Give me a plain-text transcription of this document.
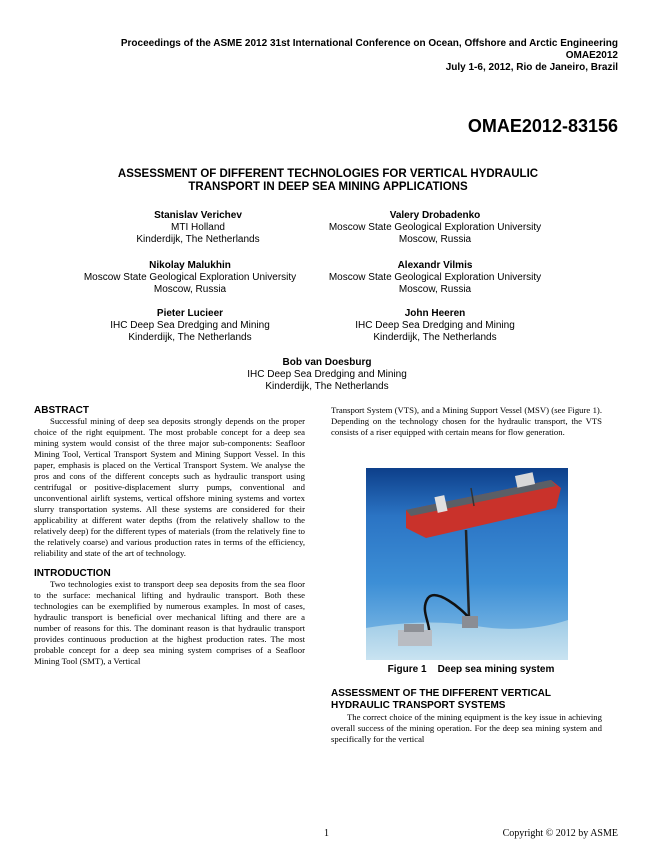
Proceedings of the ASME 2012 31st International Conference on Ocean, Offshore and Arctic Engineering
OMAE2012
July 1-6, 2012, Rio de Janeiro, Brazil
OMAE2012-83156
ASSESSMENT OF DIFFERENT TECHNOLOGIES FOR VERTICAL HYDRAULIC
TRANSPORT IN DEEP SEA MINING APPLICATIONS
Stanislav Verichev
MTI Holland
Kinderdijk, The Netherlands
Valery Drobadenko
Moscow State Geological Exploration University
Moscow, Russia
Nikolay Malukhin
Moscow State Geological Exploration University
Moscow, Russia
Alexandr Vilmis
Moscow State Geological Exploration University
Moscow, Russia
Pieter Lucieer
IHC Deep Sea Dredging and Mining
Kinderdijk, The Netherlands
John Heeren
IHC Deep Sea Dredging and Mining
Kinderdijk, The Netherlands
Bob van Doesburg
IHC Deep Sea Dredging and Mining
Kinderdijk, The Netherlands
ABSTRACT

Successful mining of deep sea deposits strongly depends on the proper choice of the right equipment. The most probable concept for a deep sea mining system would consist of the three major sub-components: Seafloor Mining Tool, Vertical Transport System and Mining Support Vessel. In this paper, emphasis is placed on the Vertical Transport System. We analyse the pros and cons of the different concepts such as hydraulic transport using centrifugal or positive-displacement slurry pumps, conventional and unconventional airlift systems, vertical offshore mining systems and vortex slurry transportation systems. All these systems are considered for their applicability at different water depths (from the relatively shallow to the relatively deep) for the different types of materials (from the relatively fine to the relatively coarse) and various production rates in terms of the efficiency, reliability and state of the art of technology.

INTRODUCTION

Two technologies exist to transport deep sea deposits from the sea floor to the surface: mechanical lifting and hydraulic transport. Both these technologies can be exemplified by numerous examples. In most of cases, hydraulic transport is beneficial over mechanical lifting and there are a number of reasons for this. The dominant reason is that hydraulic transport provides continuous production at the highest production rates. The most probable concept for a deep sea mining system comprises of a Seafloor Mining Tool (SMT), a Vertical

Transport System (VTS), and a Mining Support Vessel (MSV) (see Figure 1). Depending on the technology chosen for the hydraulic transport, the VTS consists of a riser equipped with certain means for flow generation.

Figure 1 Deep sea mining system
ASSESSMENT OF THE DIFFERENT VERTICAL
HYDRAULIC TRANSPORT SYSTEMS

The correct choice of the mining equipment is the key issue in achieving overall success of the mining operation. For the deep sea mining system and specifically for the vertical

1	Copyright © 2012 by ASME
